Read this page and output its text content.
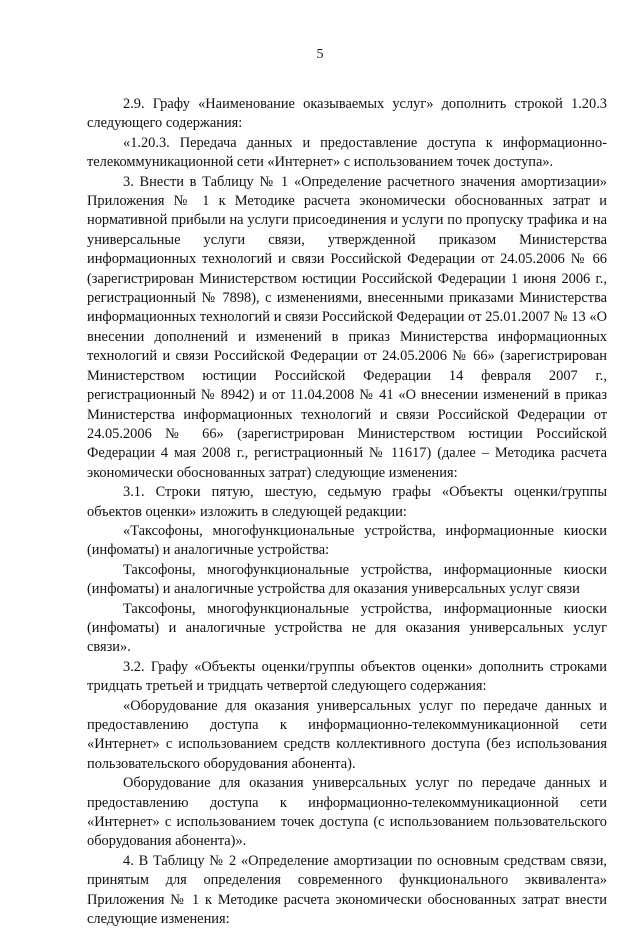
5

2.9. Графу «Наименование оказываемых услуг» дополнить строкой 1.20.3 следующего содержания:

«1.20.3. Передача данных и предоставление доступа к информационно-телекоммуникационной сети «Интернет» с использованием точек доступа».

3. Внести в Таблицу № 1 «Определение расчетного значения амортизации» Приложения № 1 к Методике расчета экономически обоснованных затрат и нормативной прибыли на услуги присоединения и услуги по пропуску трафика и на универсальные услуги связи, утвержденной приказом Министерства информационных технологий и связи Российской Федерации от 24.05.2006 № 66 (зарегистрирован Министерством юстиции Российской Федерации 1 июня 2006 г., регистрационный № 7898), с изменениями, внесенными приказами Министерства информационных технологий и связи Российской Федерации от 25.01.2007 № 13 «О внесении дополнений и изменений в приказ Министерства информационных технологий и связи Российской Федерации от 24.05.2006 № 66» (зарегистрирован Министерством юстиции Российской Федерации 14 февраля 2007 г., регистрационный № 8942) и от 11.04.2008 № 41 «О внесении изменений в приказ Министерства информационных технологий и связи Российской Федерации от 24.05.2006 № 66» (зарегистрирован Министерством юстиции Российской Федерации 4 мая 2008 г., регистрационный № 11617) (далее – Методика расчета экономически обоснованных затрат) следующие изменения:

3.1. Строки пятую, шестую, седьмую графы «Объекты оценки/группы объектов оценки» изложить в следующей редакции:

«Таксофоны, многофункциональные устройства, информационные киоски (инфоматы) и аналогичные устройства:

Таксофоны, многофункциональные устройства, информационные киоски (инфоматы) и аналогичные устройства для оказания универсальных услуг связи

Таксофоны, многофункциональные устройства, информационные киоски (инфоматы) и аналогичные устройства не для оказания универсальных услуг связи».

3.2. Графу «Объекты оценки/группы объектов оценки» дополнить строками тридцать третьей и тридцать четвертой следующего содержания:

«Оборудование для оказания универсальных услуг по передаче данных и предоставлению доступа к информационно-телекоммуникационной сети «Интернет» с использованием средств коллективного доступа (без использования пользовательского оборудования абонента).

Оборудование для оказания универсальных услуг по передаче данных и предоставлению доступа к информационно-телекоммуникационной сети «Интернет» с использованием точек доступа (с использованием пользовательского оборудования абонента)».

4. В Таблицу № 2 «Определение амортизации по основным средствам связи, принятым для определения современного функционального эквивалента» Приложения № 1 к Методике расчета экономически обоснованных затрат внести следующие изменения:
